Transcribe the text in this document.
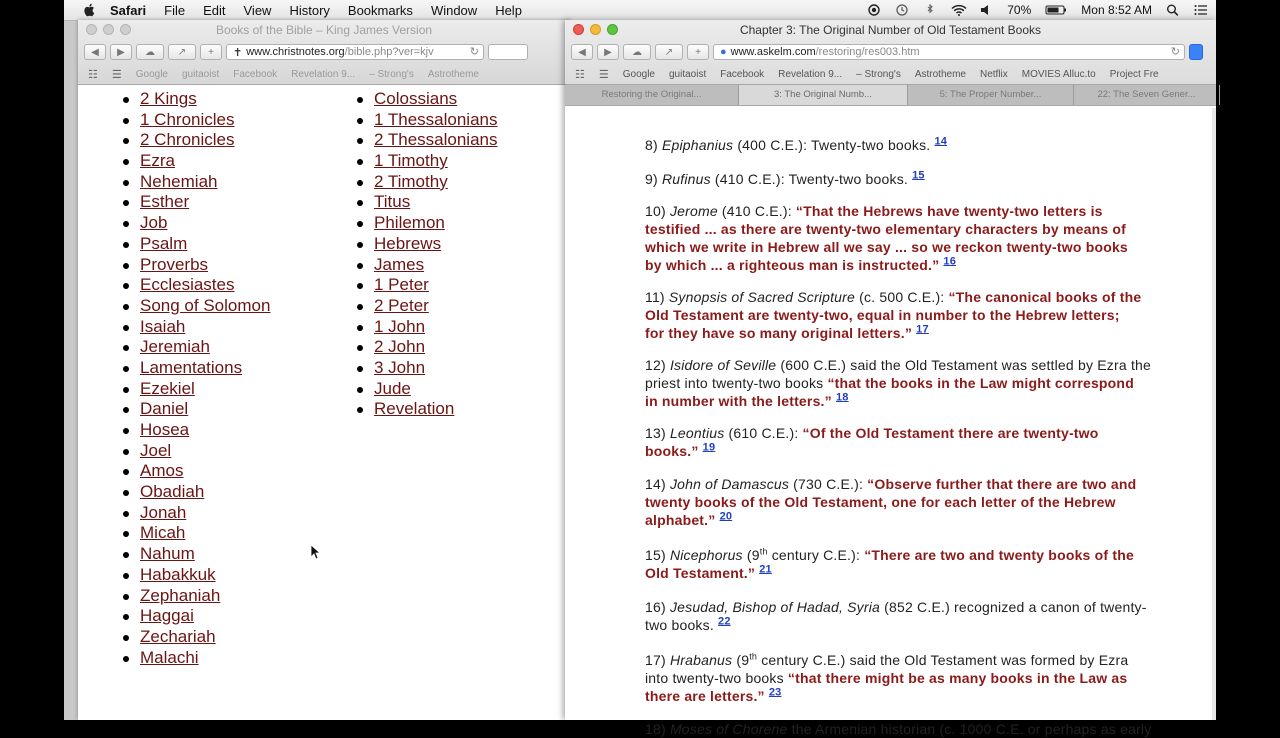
Safari File Edit View History Bookmarks Window Help	70%	Mon 8:52 AM
Books of the Bible – King James Version
◀	▶	☁	↗	+	✝ www.christnotes.org /bible.php?ver=kjv	↻
☷ ☰ Google guitaoist Facebook Revelation 9... – Strong's Astrotheme
2 Kings
1 Chronicles
2 Chronicles
Ezra
Nehemiah
Esther
Job
Psalm
Proverbs
Ecclesiastes
Song of Solomon
Isaiah
Jeremiah
Lamentations
Ezekiel
Daniel
Hosea
Joel
Amos
Obadiah
Jonah
Micah
Nahum
Habakkuk
Zephaniah
Haggai
Zechariah
Malachi
Colossians
1 Thessalonians
2 Thessalonians
1 Timothy
2 Timothy
Titus
Philemon
Hebrews
James
1 Peter
2 Peter
1 John
2 John
3 John
Jude
Revelation
Chapter 3: The Original Number of Old Testament Books
◀	▶	☁	↗	+	● www.askelm.com /restoring/res003.htm	↻
☷ ☰ Google guitaoist Facebook Revelation 9... – Strong's Astrotheme Netflix MOVIES Alluc.to Project Fre
Restoring the Original...	3: The Original Numb...	5: The Proper Number...	22: The Seven Gener...
8) Epiphanius (400 C.E.): Twenty-two books. $^{14}$
9) Rufinus (410 C.E.): Twenty-two books. $^{15}$
10) Jerome (410 C.E.): “That the Hebrews have twenty-two letters is
testified ... as there are twenty-two elementary characters by means of
which we write in Hebrew all we say ... so we reckon twenty-two books
by which ... a righteous man is instructed.” $^{16}$
11) Synopsis of Sacred Scripture (c. 500 C.E.): “The canonical books of the
Old Testament are twenty-two, equal in number to the Hebrew letters;
for they have so many original letters.” $^{17}$
12) Isidore of Seville (600 C.E.) said the Old Testament was settled by Ezra the
priest into twenty-two books “that the books in the Law might correspond
in number with the letters.” $^{18}$
13) Leontius (610 C.E.): “Of the Old Testament there are twenty-two
books.” $^{19}$
14) John of Damascus (730 C.E.): “Observe further that there are two and
twenty books of the Old Testament, one for each letter of the Hebrew
alphabet.” $^{20}$
15) Nicephorus (9th century C.E.): “There are two and twenty books of the
Old Testament.” $^{21}$
16) Jesudad, Bishop of Hadad, Syria (852 C.E.) recognized a canon of twenty-
two books. $^{22}$
17) Hrabanus (9th century C.E.) said the Old Testament was formed by Ezra
into twenty-two books “that there might be as many books in the Law as
there are letters.” $^{23}$
18) Moses of Chorene the Armenian historian (c. 1000 C.E. or perhaps as early
